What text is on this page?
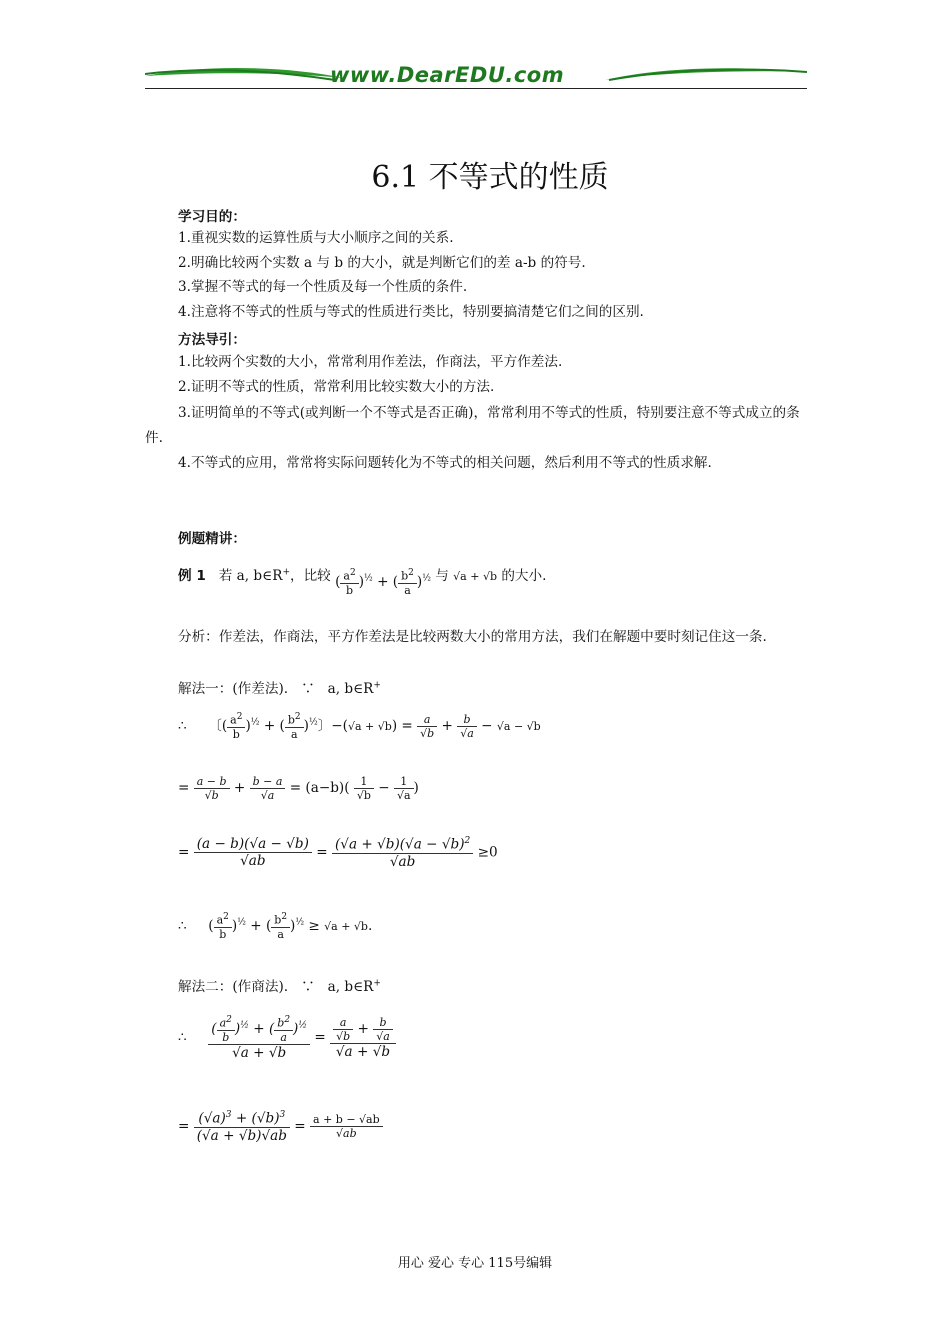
www.DearEDU.com
6.1 不等式的性质
学习目的：
1.重视实数的运算性质与大小顺序之间的关系.
2.明确比较两个实数 a 与 b 的大小，就是判断它们的差 a-b 的符号.
3.掌握不等式的每一个性质及每一个性质的条件.
4.注意将不等式的性质与等式的性质进行类比，特别要搞清楚它们之间的区别.
方法导引：
1.比较两个实数的大小，常常利用作差法，作商法，平方作差法.
2.证明不等式的性质，常常利用比较实数大小的方法.
3.证明简单的不等式(或判断一个不等式是否正确)，常常利用不等式的性质，特别要注意不等式成立的条件.
4.不等式的应用，常常将实际问题转化为不等式的相关问题，然后利用不等式的性质求解.
例题精讲：
例 1 若 a, b∈R+，比较 ( $\frac{a^2}{b} )^{\frac{1}{2}}$ + ( $\frac{b^2}{a} )^{\frac{1}{2}}$ 与 √a + √b 的大小.
分析：作差法，作商法，平方作差法是比较两数大小的常用方法，我们在解题中要时刻记住这一条.
解法一：(作差法). ∵ a, b∈R+
∴     〔( $\frac{a^2}{b} )^{\frac{1}{2}}$ + ( $\frac{b^2}{a} )^{\frac{1}{2}}$〕$-(√a + √b) = \frac{a}{√b} + \frac{b}{√a} - √a - √b$
= $\frac{a - b}{√b} + \frac{b - a}{√a} = (a-b)( \frac{1}{√b} - \frac{1}{√a}$ )
= $\frac{(a - b)(√a - √b)}{√ab} = \frac{(√a + √b)(√a - √b)^2}{√ab} \ge 0$
∴     ( $\frac{a^2}{b} )^{\frac{1}{2}}$ + ( $\frac{b^2}{a} )^{\frac{1}{2}} \ge √a + √b$.
解法二：(作商法). ∵ a, b∈R+
∴ $\frac{( \frac{a^2}{b} )^{\frac{1}{2}} + ( \frac{b^2}{a} )^{\frac{1}{2}}}{√a + √b} = \frac{\frac{a}{√b} + \frac{b}{√a}}{√a + √b}$
= $\frac{(√a)^3 + (√b)^3}{(√a + √b)√ab} = \frac{a + b - √ab}{√ab}$
用心 爱心 专心 115号编辑
